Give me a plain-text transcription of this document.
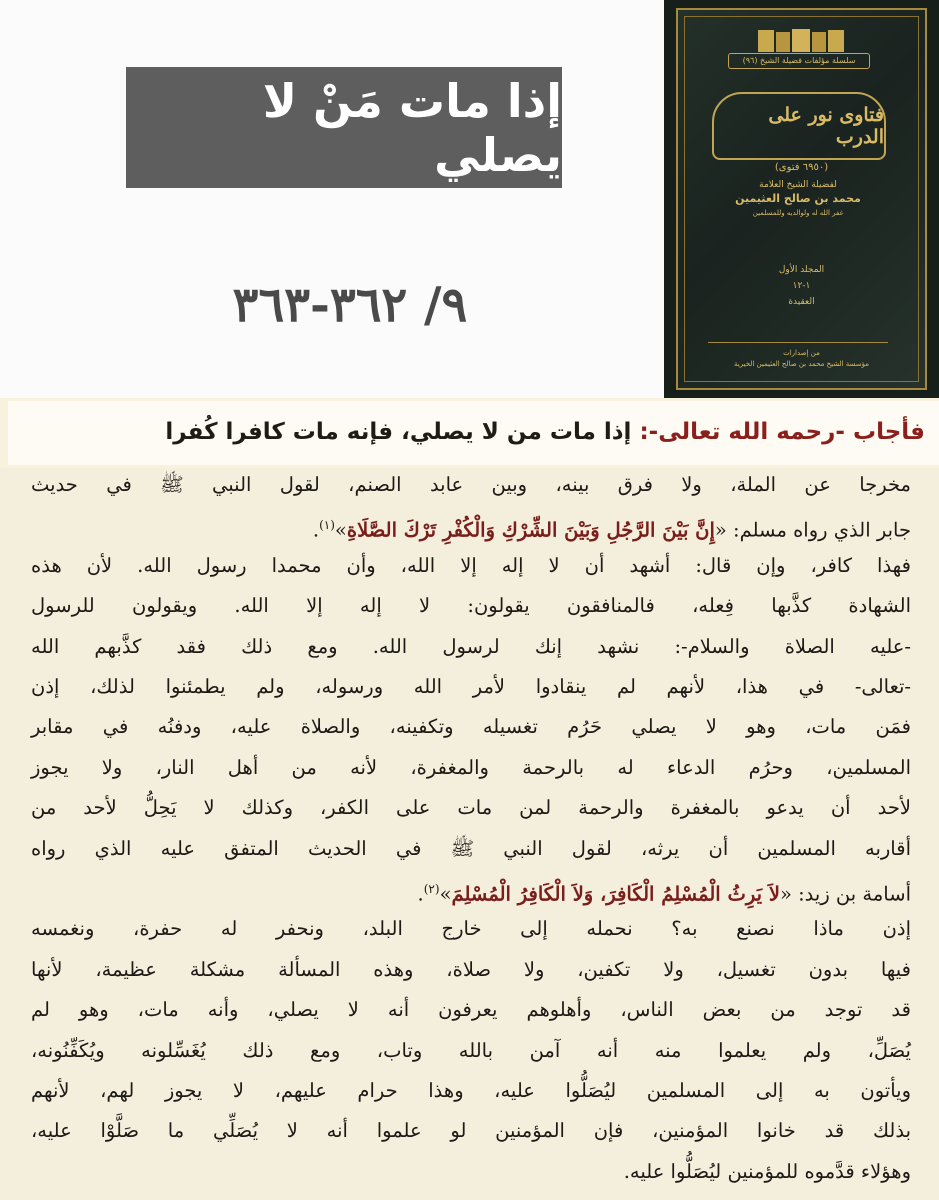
إذا مات مَنْ لا يصلي
٩/ ٣٦٢-٣٦٣
سلسلة مؤلفات فضيلة الشيخ (٩٦)
فتاوى نور على الدرب
(٦٩٥٠ فتوى)
لفضيلة الشيخ العلامة
محمد بن صالح العثيمين
غفر الله له ولوالديه وللمسلمين
المجلد الأول
١-١٢
العقيدة
من إصدارات
مؤسسة الشيخ محمد بن صالح العثيمين الخيرية
فأجاب -رحمه الله تعالى-: إذا مات من لا يصلي، فإنه مات كافرا كُفرا
مخرجا عن الملة، ولا فرق بينه، وبين عابد الصنم، لقول النبي ﷺ في حديث
جابر الذي رواه مسلم: «إِنَّ بَيْنَ الرَّجُلِ وَبَيْنَ الشِّرْكِ وَالْكُفْرِ تَرْكَ الصَّلَاةِ»$^{(١)}$.
فهذا كافر، وإن قال: أشهد أن لا إله إلا الله، وأن محمدا رسول الله. لأن هذه
الشهادة كذَّبها فِعله، فالمنافقون يقولون: لا إله إلا الله. ويقولون للرسول
-عليه الصلاة والسلام-: نشهد إنك لرسول الله. ومع ذلك فقد كذَّبهم الله
-تعالى- في هذا، لأنهم لم ينقادوا لأمر الله ورسوله، ولم يطمئنوا لذلك، إذن
فمَن مات، وهو لا يصلي حَرُم تغسيله وتكفينه، والصلاة عليه، ودفنُه في مقابر
المسلمين، وحرُم الدعاء له بالرحمة والمغفرة، لأنه من أهل النار، ولا يجوز
لأحد أن يدعو بالمغفرة والرحمة لمن مات على الكفر، وكذلك لا يَحِلُّ لأحد من
أقاربه المسلمين أن يرثه، لقول النبي ﷺ في الحديث المتفق عليه الذي رواه
أسامة بن زيد: «لاَ يَرِثُ الْمُسْلِمُ الْكَافِرَ، وَلاَ الْكَافِرُ الْمُسْلِمَ»$^{(٢)}$.
إذن ماذا نصنع به؟ نحمله إلى خارج البلد، ونحفر له حفرة، ونغمسه
فيها بدون تغسيل، ولا تكفين، ولا صلاة، وهذه المسألة مشكلة عظيمة، لأنها
قد توجد من بعض الناس، وأهلوهم يعرفون أنه لا يصلي، وأنه مات، وهو لم
يُصَلِّ، ولم يعلموا منه أنه آمن بالله وتاب، ومع ذلك يُغَسِّلونه ويُكَفِّنُونه،
ويأتون به إلى المسلمين ليُصَلُّوا عليه، وهذا حرام عليهم، لا يجوز لهم، لأنهم
بذلك قد خانوا المؤمنين، فإن المؤمنين لو علموا أنه لا يُصَلِّي ما صَلَّوْا عليه،
وهؤلاء قدَّموه للمؤمنين ليُصَلُّوا عليه.
